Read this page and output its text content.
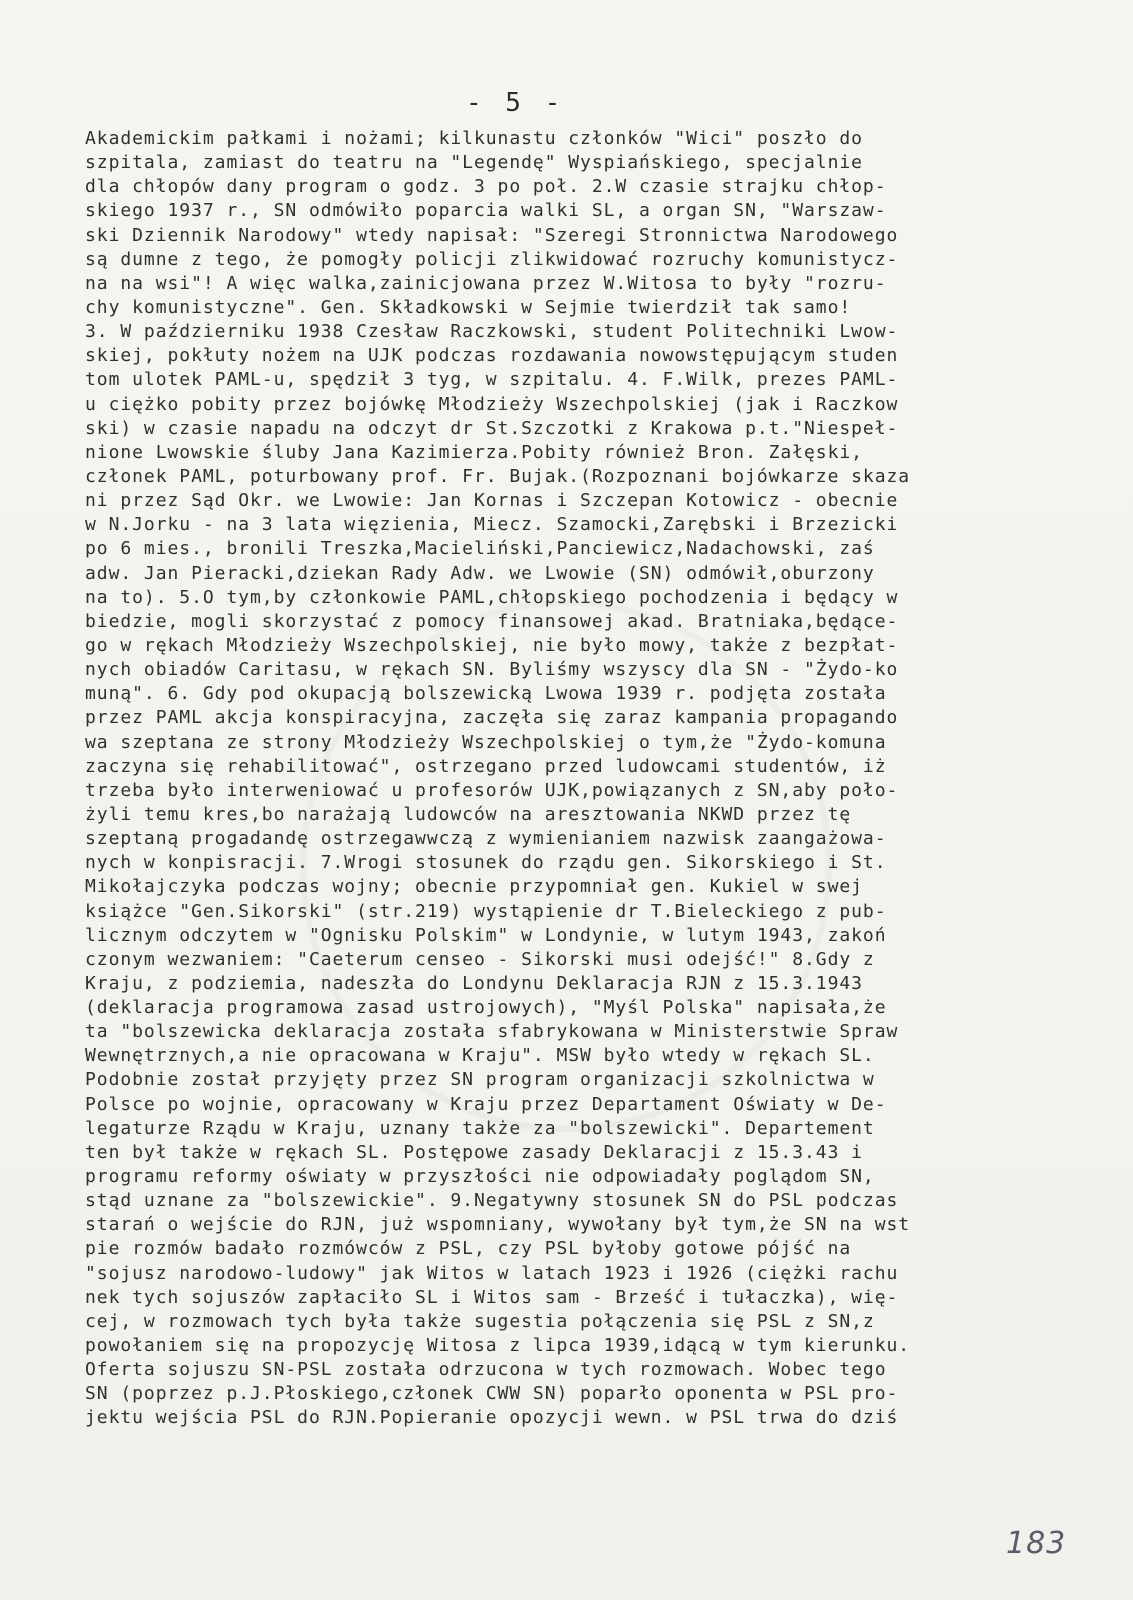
- 5 -
Akademickim pałkami i nożami; kilkunastu członków "Wici" poszło do
szpitala, zamiast do teatru na "Legendę" Wyspiańskiego, specjalnie
dla chłopów dany program o godz. 3 po poł. 2.W czasie strajku chłop-
skiego 1937 r., SN odmówiło poparcia walki SL, a organ SN, "Warszaw-
ski Dziennik Narodowy" wtedy napisał: "Szeregi Stronnictwa Narodowego
są dumne z tego, że pomogły policji zlikwidować rozruchy komunistycz-
na na wsi"! A więc walka,zainicjowana przez W.Witosa to były "rozru-
chy komunistyczne". Gen. Składkowski w Sejmie twierdził tak samo!
3. W październiku 1938 Czesław Raczkowski, student Politechniki Lwow-
skiej, pokłuty nożem na UJK podczas rozdawania nowowstępującym studen
tom ulotek PAML-u, spędził 3 tyg, w szpitalu. 4. F.Wilk, prezes PAML-
u ciężko pobity przez bojówkę Młodzieży Wszechpolskiej (jak i Raczkow
ski) w czasie napadu na odczyt dr St.Szczotki z Krakowa p.t."Niespeł-
nione Lwowskie śluby Jana Kazimierza.Pobity również Bron. Załęski,
członek PAML, poturbowany prof. Fr. Bujak.(Rozpoznani bojówkarze skaza
ni przez Sąd Okr. we Lwowie: Jan Kornas i Szczepan Kotowicz - obecnie
w N.Jorku - na 3 lata więzienia, Miecz. Szamocki,Zarębski i Brzezicki
po 6 mies., bronili Treszka,Macieliński,Panciewicz,Nadachowski, zaś
adw. Jan Pieracki,dziekan Rady Adw. we Lwowie (SN) odmówił,oburzony
na to). 5.O tym,by członkowie PAML,chłopskiego pochodzenia i będący w
biedzie, mogli skorzystać z pomocy finansowej akad. Bratniaka,będące-
go w rękach Młodzieży Wszechpolskiej, nie było mowy, także z bezpłat-
nych obiadów Caritasu, w rękach SN. Byliśmy wszyscy dla SN - "Żydo-ko
muną". 6. Gdy pod okupacją bolszewicką Lwowa 1939 r. podjęta została
przez PAML akcja konspiracyjna, zaczęła się zaraz kampania propagando
wa szeptana ze strony Młodzieży Wszechpolskiej o tym,że "Żydo-komuna
zaczyna się rehabilitować", ostrzegano przed ludowcami studentów, iż
trzeba było interweniować u profesorów UJK,powiązanych z SN,aby poło-
żyli temu kres,bo narażają ludowców na aresztowania NKWD przez tę
szeptaną progadandę ostrzegawwczą z wymienianiem nazwisk zaangażowa-
nych w konpisracji. 7.Wrogi stosunek do rządu gen. Sikorskiego i St.
Mikołajczyka podczas wojny; obecnie przypomniał gen. Kukiel w swej
książce "Gen.Sikorski" (str.219) wystąpienie dr T.Bieleckiego z pub-
licznym odczytem w "Ognisku Polskim" w Londynie, w lutym 1943, zakoń
czonym wezwaniem: "Caeterum censeo - Sikorski musi odejść!" 8.Gdy z
Kraju, z podziemia, nadeszła do Londynu Deklaracja RJN z 15.3.1943
(deklaracja programowa zasad ustrojowych), "Myśl Polska" napisała,że
ta "bolszewicka deklaracja została sfabrykowana w Ministerstwie Spraw
Wewnętrznych,a nie opracowana w Kraju". MSW było wtedy w rękach SL.
Podobnie został przyjęty przez SN program organizacji szkolnictwa w
Polsce po wojnie, opracowany w Kraju przez Departament Oświaty w De-
legaturze Rządu w Kraju, uznany także za "bolszewicki". Departement
ten był także w rękach SL. Postępowe zasady Deklaracji z 15.3.43 i
programu reformy oświaty w przyszłości nie odpowiadały poglądom SN,
stąd uznane za "bolszewickie". 9.Negatywny stosunek SN do PSL podczas
starań o wejście do RJN, już wspomniany, wywołany był tym,że SN na wst
pie rozmów badało rozmówców z PSL, czy PSL byłoby gotowe pójść na
"sojusz narodowo-ludowy" jak Witos w latach 1923 i 1926 (ciężki rachu
nek tych sojuszów zapłaciło SL i Witos sam - Brześć i tułaczka), wię-
cej, w rozmowach tych była także sugestia połączenia się PSL z SN,z
powołaniem się na propozycję Witosa z lipca 1939,idącą w tym kierunku.
Oferta sojuszu SN-PSL została odrzucona w tych rozmowach. Wobec tego
SN (poprzez p.J.Płoskiego,członek CWW SN) poparło oponenta w PSL pro-
jektu wejścia PSL do RJN.Popieranie opozycji wewn. w PSL trwa do dziś
183
